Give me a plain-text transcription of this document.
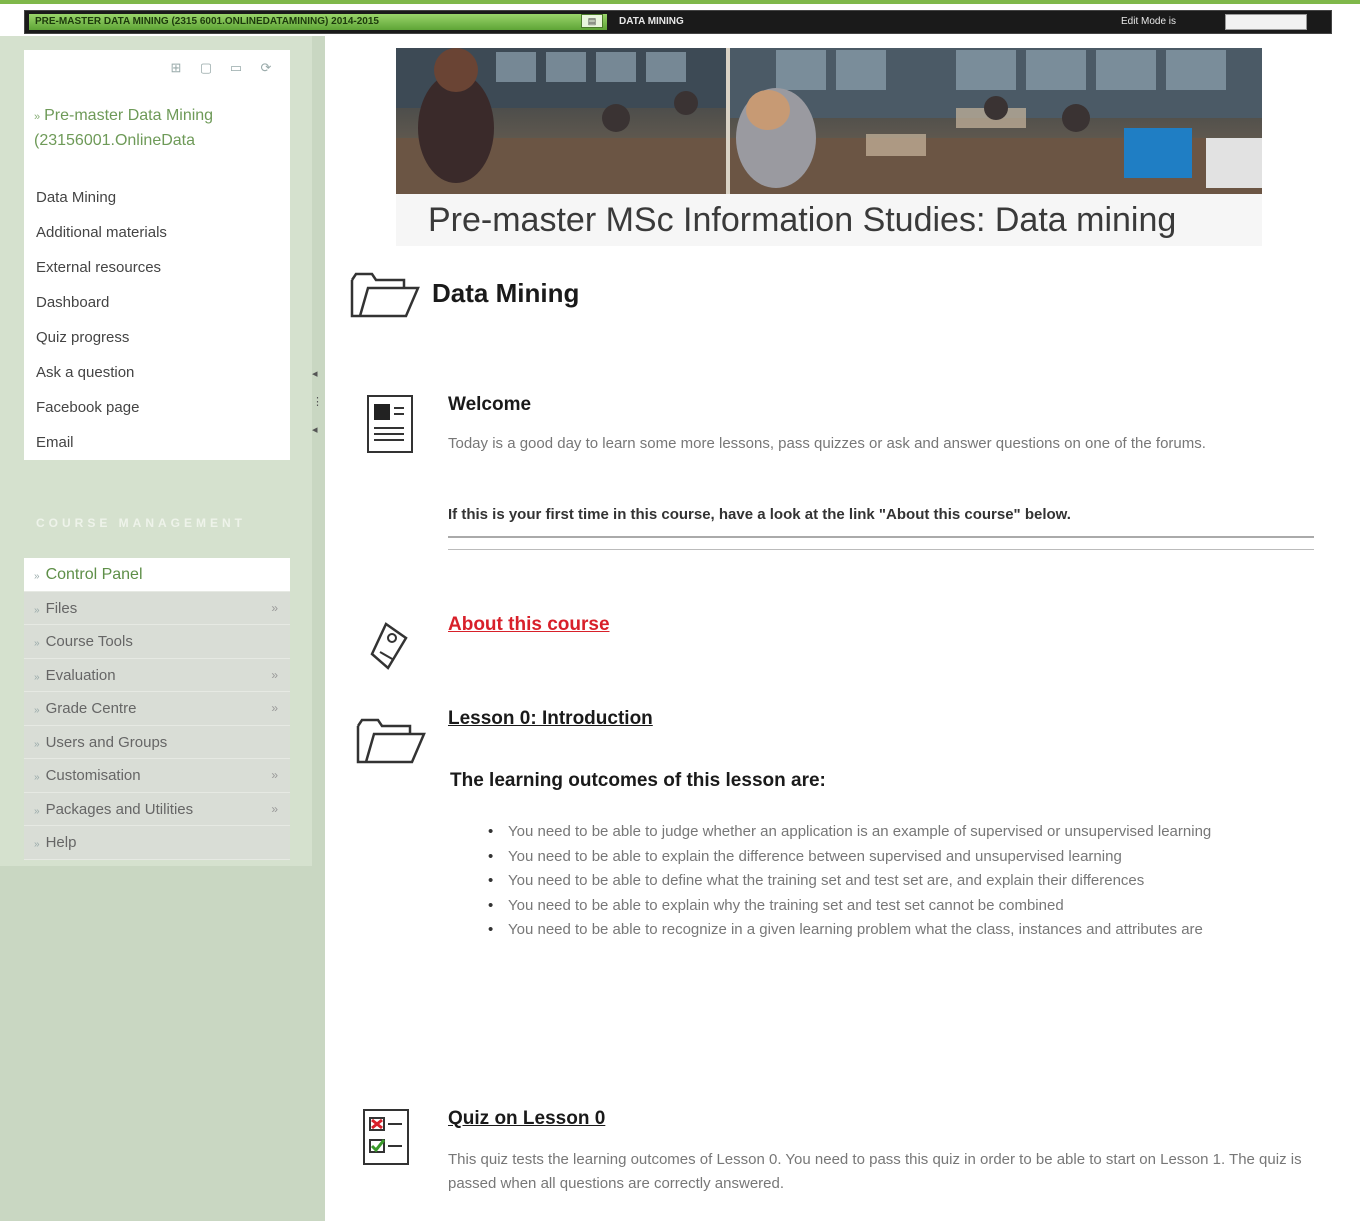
PRE-MASTER DATA MINING (2315 6001.ONLINEDATAMINING) 2014-2015	▤	DATA MINING	Edit Mode is
⊞ ▢ ▭ ⟳
» Pre-master Data Mining (23156001.OnlineData
Data Mining
Additional materials
External resources
Dashboard
Quiz progress
Ask a question
Facebook page
Email
COURSE MANAGEMENT
» Control Panel
» Files	»
» Course Tools
» Evaluation	»
» Grade Centre	»
» Users and Groups
» Customisation	»
» Packages and Utilities	»
» Help
◂
⋮
◂
Pre-master MSc Information Studies: Data mining
Data Mining
Welcome
Today is a good day to learn some more lessons, pass quizzes or ask and answer questions on one of the forums.
If this is your first time in this course, have a look at the link "About this course" below.
About this course
Lesson 0: Introduction
The learning outcomes of this lesson are:
• You need to be able to judge whether an application is an example of supervised or unsupervised learning
• You need to be able to explain the difference between supervised and unsupervised learning
• You need to be able to define what the training set and test set are, and explain their differences
• You need to be able to explain why the training set and test set cannot be combined
• You need to be able to recognize in a given learning problem what the class, instances and attributes are
Quiz on Lesson 0
This quiz tests the learning outcomes of Lesson 0. You need to pass this quiz in order to be able to start on Lesson 1. The quiz is passed when all questions are correctly answered.
